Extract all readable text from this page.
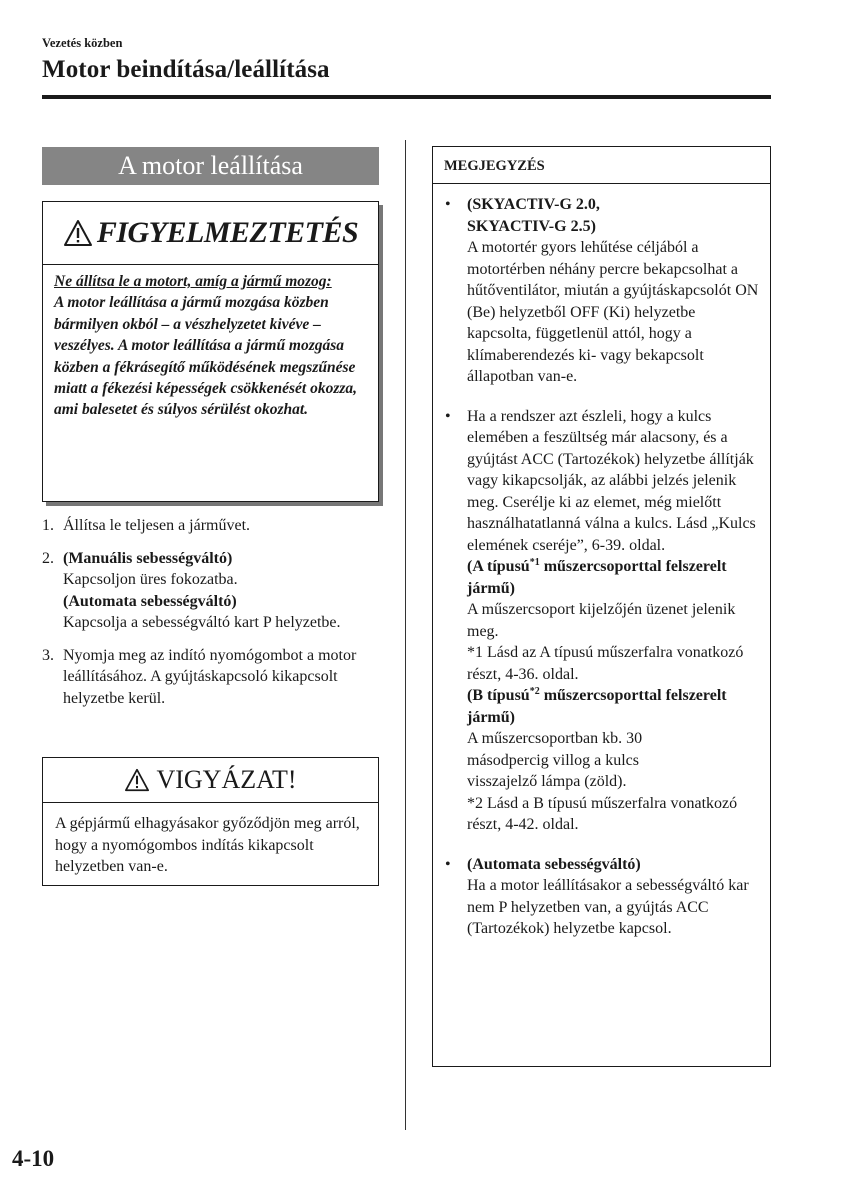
Vezetés közben
Motor beindítása/leállítása
A motor leállítása
FIGYELMEZTETÉS
Ne állítsa le a motort, amíg a jármű mozog:
A motor leállítása a jármű mozgása közben bármilyen okból – a vészhelyzetet kivéve – veszélyes. A motor leállítása a jármű mozgása közben a fékrásegítő működésének megszűnése miatt a fékezési képességek csökkenését okozza, ami balesetet és súlyos sérülést okozhat.
1. Állítsa le teljesen a járművet.
2. (Manuális sebességváltó)
Kapcsoljon üres fokozatba.
(Automata sebességváltó)
Kapcsolja a sebességváltó kart P helyzetbe.
3. Nyomja meg az indító nyomógombot a motor leállításához. A gyújtáskapcsoló kikapcsolt helyzetbe kerül.
VIGYÁZAT!
A gépjármű elhagyásakor győződjön meg arról, hogy a nyomógombos indítás kikapcsolt helyzetben van-e.
MEGJEGYZÉS
•	(SKYACTIV-G 2.0, SKYACTIV-G 2.5)
A motortér gyors lehűtése céljából a motortérben néhány percre bekapcsolhat a hűtőventilátor, miután a gyújtáskapcsolót ON (Be) helyzetből OFF (Ki) helyzetbe kapcsolta, függetlenül attól, hogy a klímaberendezés ki- vagy bekapcsolt állapotban van-e.
•	Ha a rendszer azt észleli, hogy a kulcs elemében a feszültség már alacsony, és a gyújtást ACC (Tartozékok) helyzetbe állítják vagy kikapcsolják, az alábbi jelzés jelenik meg. Cserélje ki az elemet, még mielőtt használhatatlanná válna a kulcs. Lásd „Kulcs elemének cseréje”, 6-39. oldal.
(A típusú$^{*1}$ műszercsoporttal felszerelt jármű)
A műszercsoport kijelzőjén üzenet jelenik meg.
*1 Lásd az A típusú műszerfalra vonatkozó részt, 4-36. oldal.
(B típusú$^{*2}$ műszercsoporttal felszerelt jármű)
A műszercsoportban kb. 30 másodpercig villog a kulcs visszajelző lámpa (zöld).
*2 Lásd a B típusú műszerfalra vonatkozó részt, 4-42. oldal.
•	(Automata sebességváltó)
Ha a motor leállításakor a sebességváltó kar nem P helyzetben van, a gyújtás ACC (Tartozékok) helyzetbe kapcsol.
4-10
